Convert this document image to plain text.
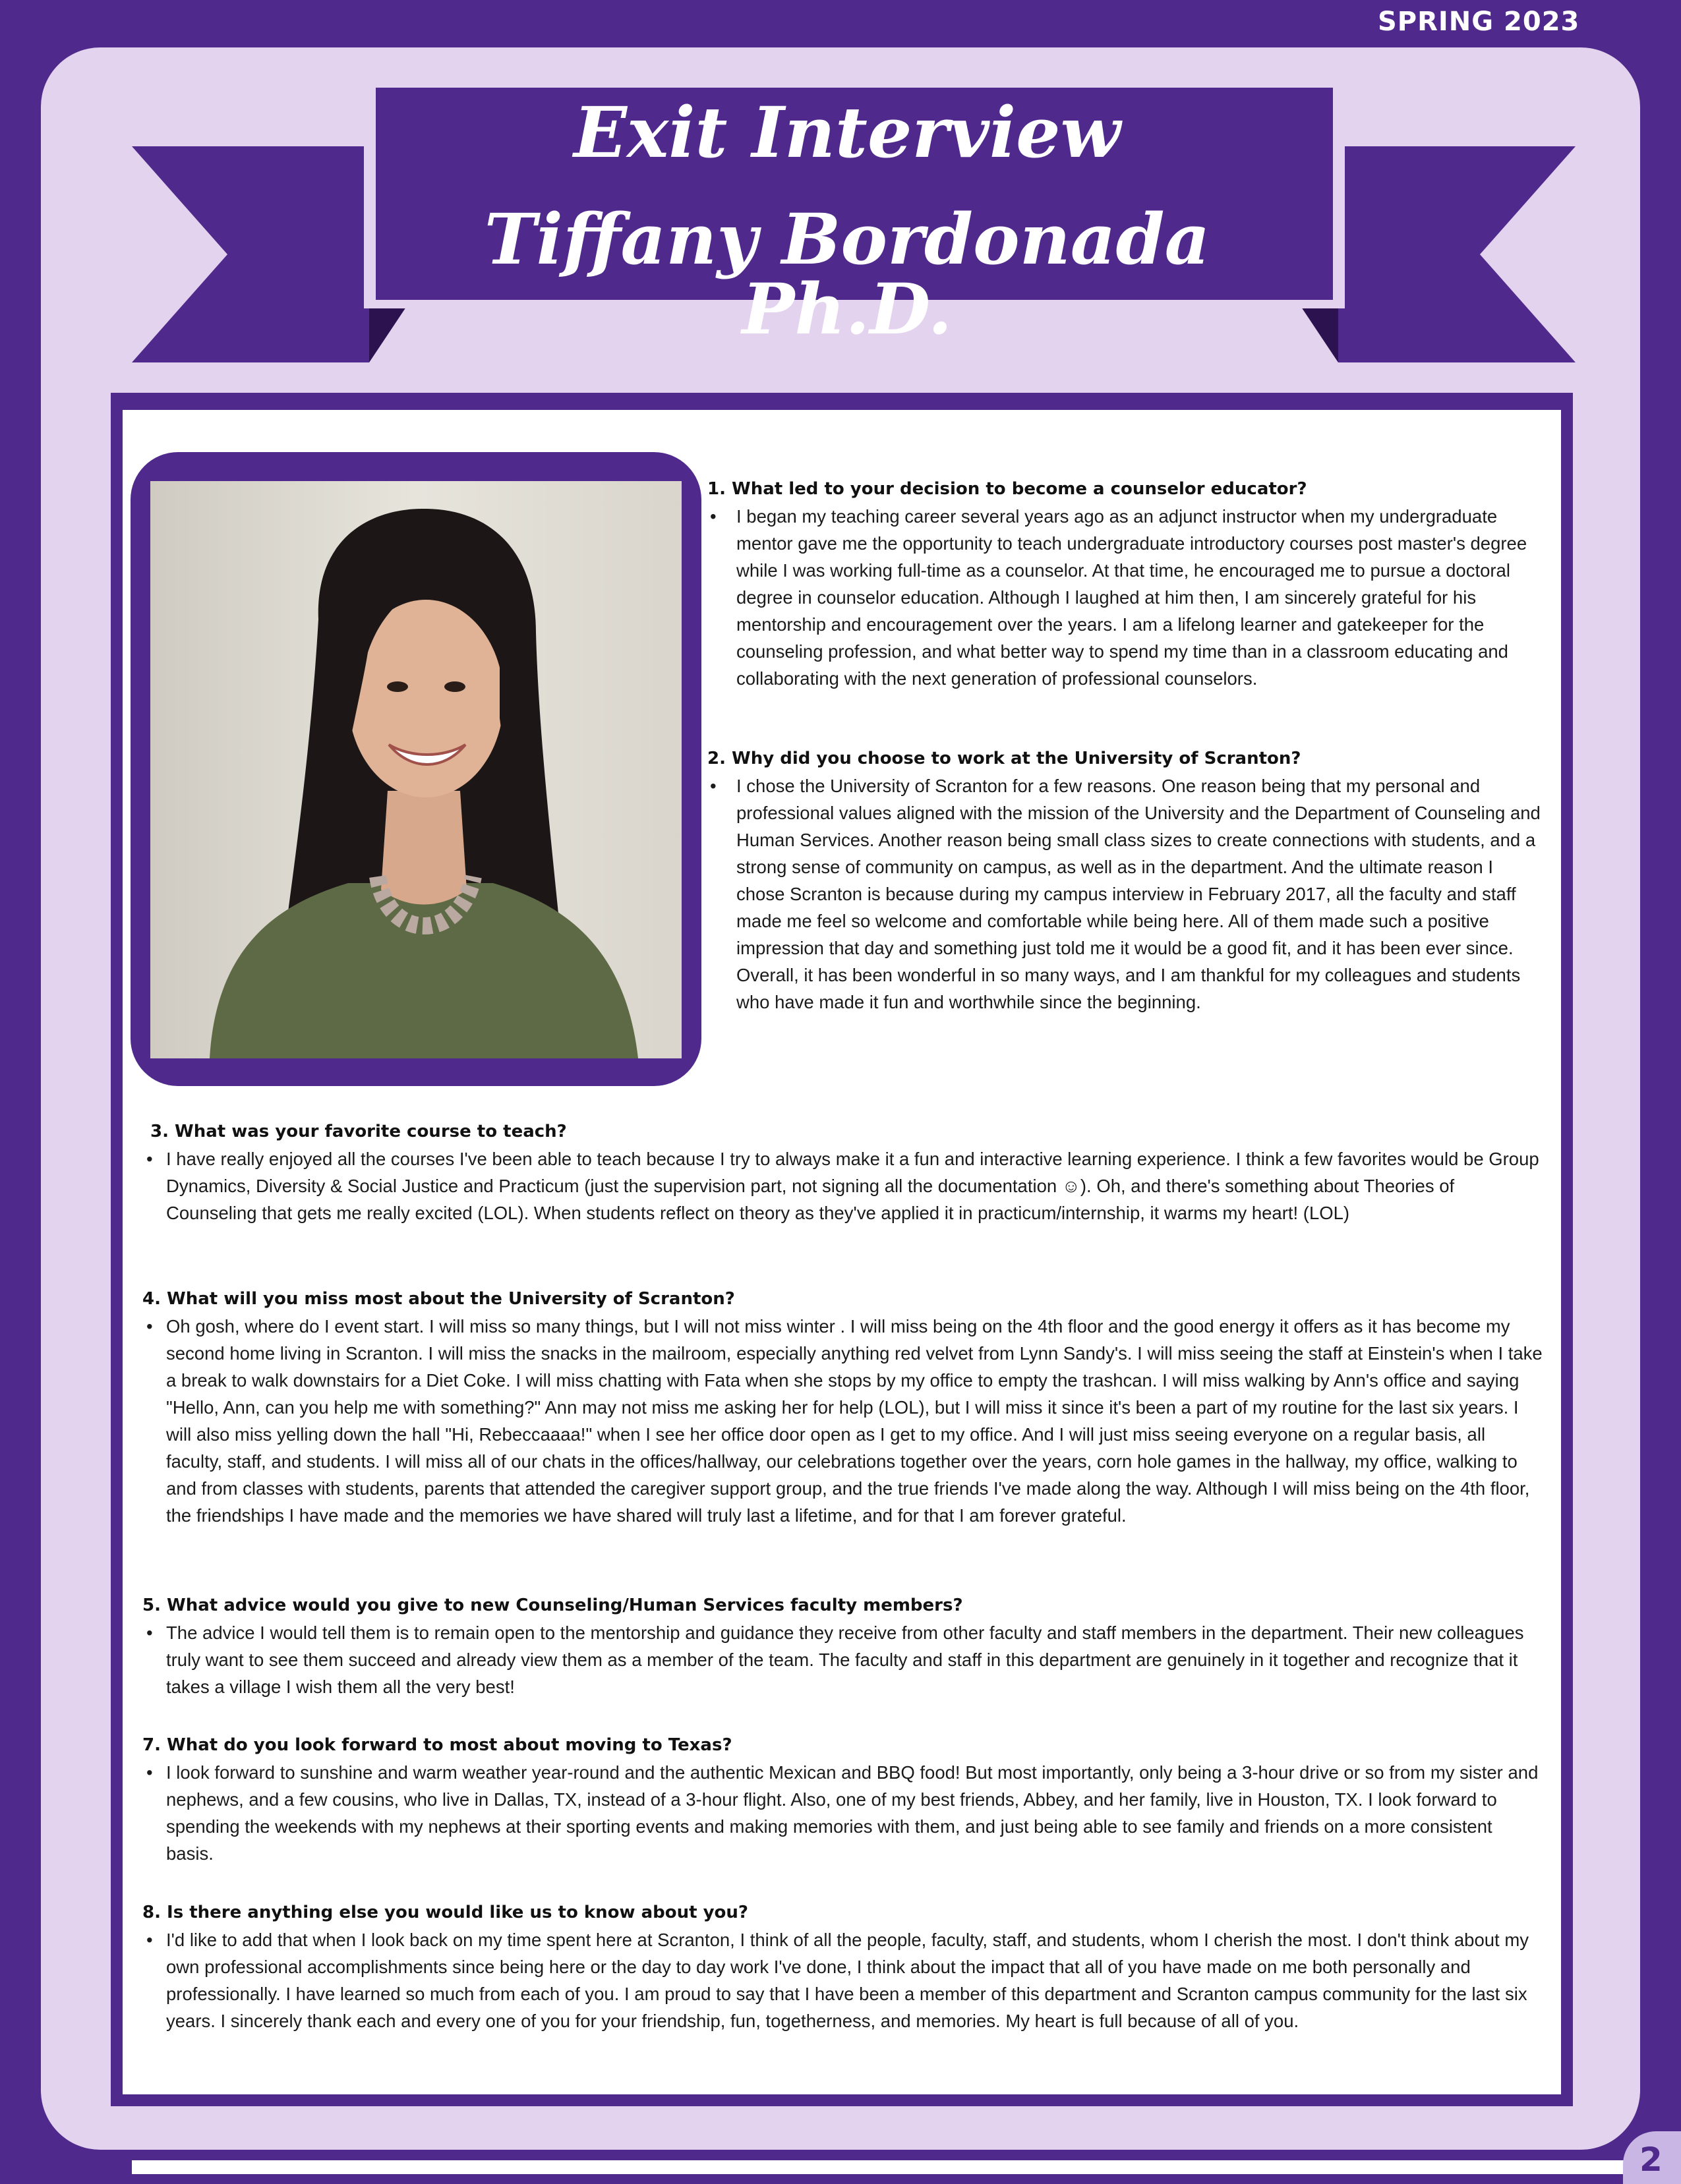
SPRING 2023
Exit Interview
Tiffany Bordonada Ph.D.

1. What led to your decision to become a counselor educator?

• I began my teaching career several years ago as an adjunct instructor when my undergraduate mentor gave me the opportunity to teach undergraduate introductory courses post master's degree while I was working full-time as a counselor. At that time, he encouraged me to pursue a doctoral degree in counselor education. Although I laughed at him then, I am sincerely grateful for his mentorship and encouragement over the years. I am a lifelong learner and gatekeeper for the counseling profession, and what better way to spend my time than in a classroom educating and collaborating with the next generation of professional counselors.

2. Why did you choose to work at the University of Scranton?

• I chose the University of Scranton for a few reasons. One reason being that my personal and professional values aligned with the mission of the University and the Department of Counseling and Human Services. Another reason being small class sizes to create connections with students, and a strong sense of community on campus, as well as in the department. And the ultimate reason I chose Scranton is because during my campus interview in February 2017, all the faculty and staff made me feel so welcome and comfortable while being here. All of them made such a positive impression that day and something just told me it would be a good fit, and it has been ever since. Overall, it has been wonderful in so many ways, and I am thankful for my colleagues and students who have made it fun and worthwhile since the beginning.

3. What was your favorite course to teach?

• I have really enjoyed all the courses I've been able to teach because I try to always make it a fun and interactive learning experience. I think a few favorites would be Group Dynamics, Diversity & Social Justice and Practicum (just the supervision part, not signing all the documentation ☺). Oh, and there's something about Theories of Counseling that gets me really excited (LOL). When students reflect on theory as they've applied it in practicum/internship, it warms my heart! (LOL)

4. What will you miss most about the University of Scranton?

• Oh gosh, where do I event start. I will miss so many things, but I will not miss winter . I will miss being on the 4th floor and the good energy it offers as it has become my second home living in Scranton. I will miss the snacks in the mailroom, especially anything red velvet from Lynn Sandy's. I will miss seeing the staff at Einstein's when I take a break to walk downstairs for a Diet Coke. I will miss chatting with Fata when she stops by my office to empty the trashcan. I will miss walking by Ann's office and saying "Hello, Ann, can you help me with something?" Ann may not miss me asking her for help (LOL), but I will miss it since it's been a part of my routine for the last six years. I will also miss yelling down the hall "Hi, Rebeccaaaa!" when I see her office door open as I get to my office. And I will just miss seeing everyone on a regular basis, all faculty, staff, and students. I will miss all of our chats in the offices/hallway, our celebrations together over the years, corn hole games in the hallway, my office, walking to and from classes with students, parents that attended the caregiver support group, and the true friends I've made along the way. Although I will miss being on the 4th floor, the friendships I have made and the memories we have shared will truly last a lifetime, and for that I am forever grateful.

5. What advice would you give to new Counseling/Human Services faculty members?

• The advice I would tell them is to remain open to the mentorship and guidance they receive from other faculty and staff members in the department. Their new colleagues truly want to see them succeed and already view them as a member of the team. The faculty and staff in this department are genuinely in it together and recognize that it takes a village I wish them all the very best!

7. What do you look forward to most about moving to Texas?

• I look forward to sunshine and warm weather year-round and the authentic Mexican and BBQ food! But most importantly, only being a 3-hour drive or so from my sister and nephews, and a few cousins, who live in Dallas, TX, instead of a 3-hour flight. Also, one of my best friends, Abbey, and her family, live in Houston, TX. I look forward to spending the weekends with my nephews at their sporting events and making memories with them, and just being able to see family and friends on a more consistent basis.

8. Is there anything else you would like us to know about you?

• I'd like to add that when I look back on my time spent here at Scranton, I think of all the people, faculty, staff, and students, whom I cherish the most. I don't think about my own professional accomplishments since being here or the day to day work I've done, I think about the impact that all of you have made on me both personally and professionally. I have learned so much from each of you. I am proud to say that I have been a member of this department and Scranton campus community for the last six years. I sincerely thank each and every one of you for your friendship, fun, togetherness, and memories. My heart is full because of all of you.

2
